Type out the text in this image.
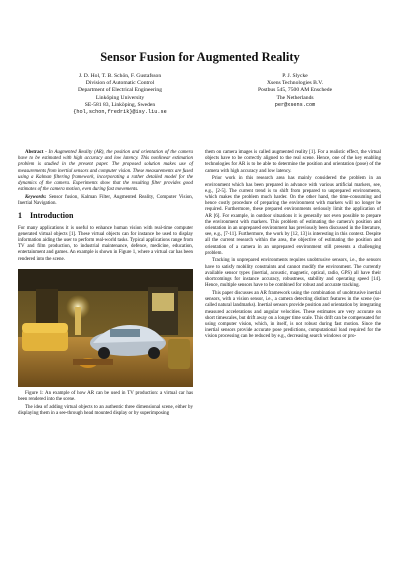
Sensor Fusion for Augmented Reality
J. D. Hol, T. B. Schön, F. Gustafsson
Division of Automatic Control
Department of Electrical Engineering
Linköping University
SE-581 83, Linköping, Sweden
{hol,schon,fredrik}@isy.liu.se
P. J. Slycke
Xsens Technologies B.V.
Postbus 545, 7500 AM Enschede
The Netherlands
per@xsens.com

Abstract - In Augmented Reality (AR), the position and orientation of the camera have to be estimated with high accuracy and low latency. This nonlinear estimation problem is studied in the present paper. The proposed solution makes use of measurements from inertial sensors and computer vision. These measurements are fused using a Kalman filtering framework, incorporating a rather detailed model for the dynamics of the camera. Experiments show that the resulting filter provides good estimates of the camera motion, even during fast movements.

Keywords: Sensor fusion, Kalman Filter, Augmented Reality, Computer Vision, Inertial Navigation.

1 Introduction

For many applications it is useful to enhance human vision with real-time computer generated virtual objects [1]. These virtual objects can for instance be used to display information aiding the user to perform real-world tasks. Typical applications range from TV and film production, to industrial maintenance, defence, medicine, education, entertainment and games. An example is shown in Figure 1, where a virtual car has been rendered into the scene.

Figure 1: An example of how AR can be used in TV production: a virtual car has been rendered into the scene.

The idea of adding virtual objects to an authentic three dimensional scene, either by displaying them in a see-through head mounted display or by superimposing

them on camera images is called augmented reality [1]. For a realistic effect, the virtual objects have to be correctly aligned to the real scene. Hence, one of the key enabling technologies for AR is to be able to determine the position and orientation (pose) of the camera with high accuracy and low latency.

Prior work in this research area has mainly considered the problem in an environment which has been prepared in advance with various artificial markers, see, e.g., [2-5]. The current trend is to shift from prepared to unprepared environments, which makes the problem much harder. On the other hand, the time-consuming and hence costly procedure of preparing the environment with markers will no longer be required. Furthermore, these prepared environments seriously limit the application of AR [6]. For example, in outdoor situations it is generally not even possible to prepare the environment with markers. This problem of estimating the camera's position and orientation in an unprepared environment has previously been discussed in the literature, see, e.g., [7-11]. Furthermore, the work by [12, 13] is interesting in this context. Despite all the current research within the area, the objective of estimating the position and orientation of a camera in an unprepared environment still presents a challenging problem.

Tracking in unprepared environments requires unobtrusive sensors, i.e., the sensors have to satisfy mobility constraints and cannot modify the environment. The currently available sensor types (inertial, acoustic, magnetic, optical, radio, GPS) all have their shortcomings for instance accuracy, robustness, stability and operating speed [14]. Hence, multiple sensors have to be combined for robust and accurate tracking.

This paper discusses an AR framework using the combination of unobtrusive inertial sensors, with a vision sensor, i.e., a camera detecting distinct features in the scene (so-called natural landmarks). Inertial sensors provide position and orientation by integrating measured accelerations and angular velocities. These estimates are very accurate on short timescales, but drift away on a longer time scale. This drift can be compensated for using computer vision, which, in itself, is not robust during fast motion. Since the inertial sensors provide accurate pose predictions, computational load required for the vision processing can be reduced by e.g., decreasing search windows or pro-
